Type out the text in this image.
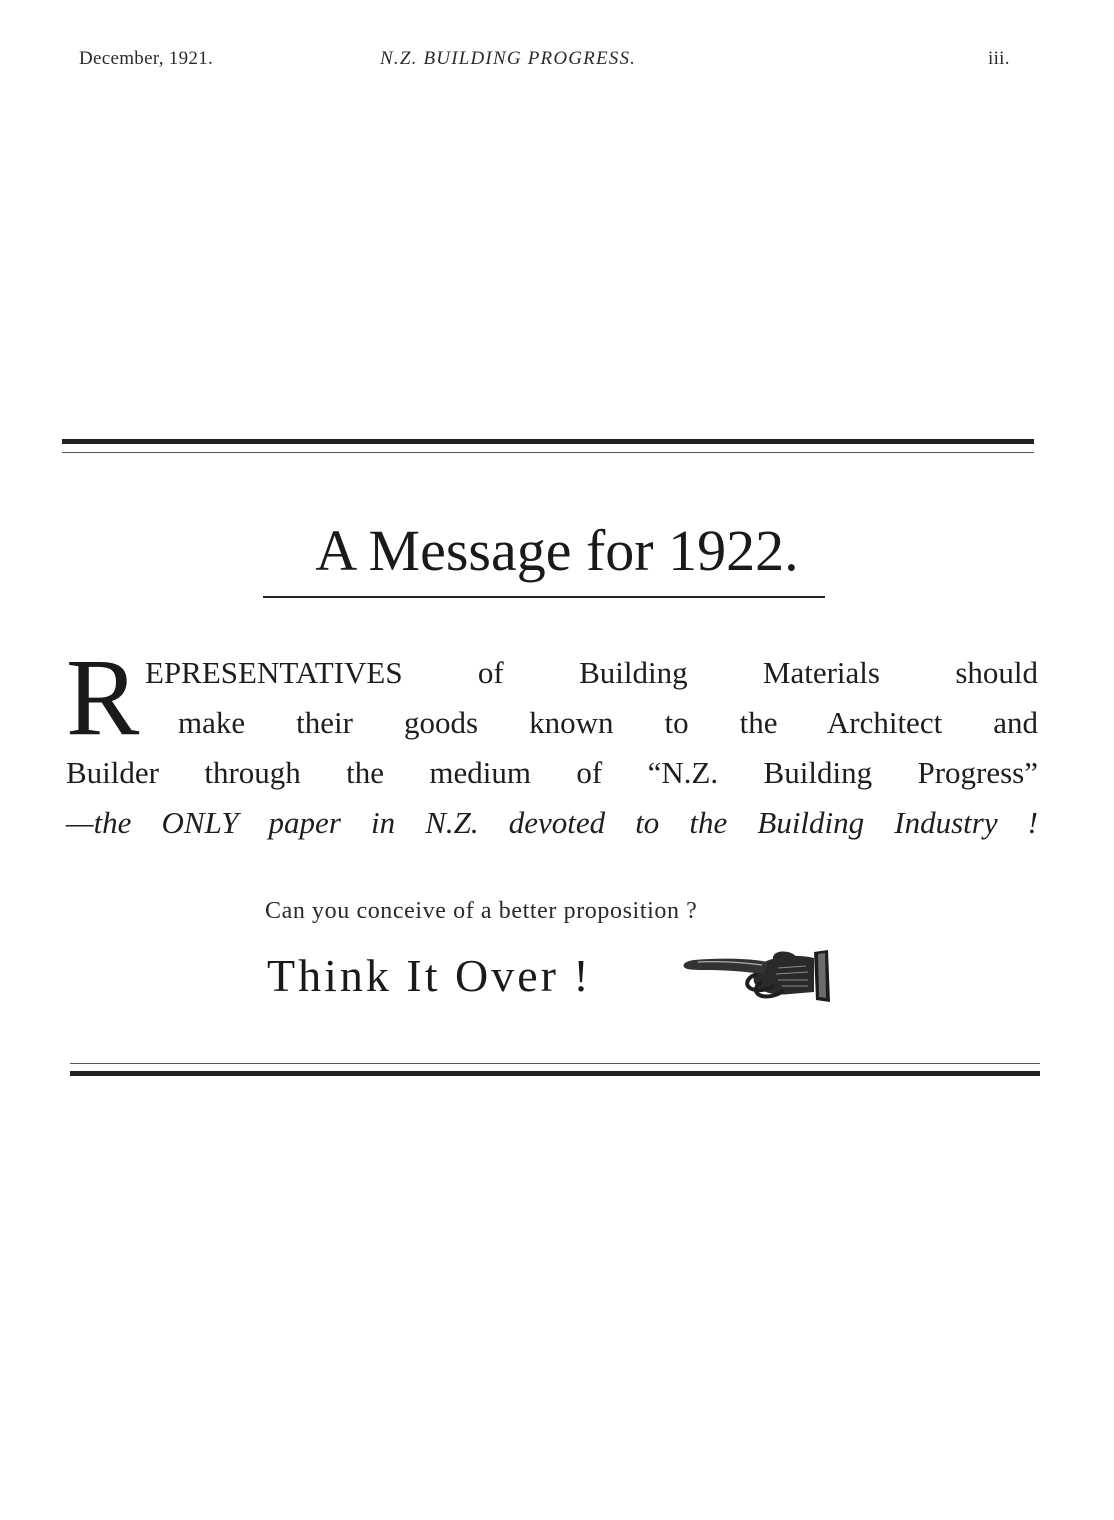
December, 1921.	N.Z. BUILDING PROGRESS.	iii.
A Message for 1922.
R EPRESENTATIVES of Building Materials should
make their goods known to the Architect and
Builder through the medium of “N.Z. Building Progress”
—the ONLY paper in N.Z. devoted to the Building Industry !
Can you conceive of a better proposition ?
Think It Over !
